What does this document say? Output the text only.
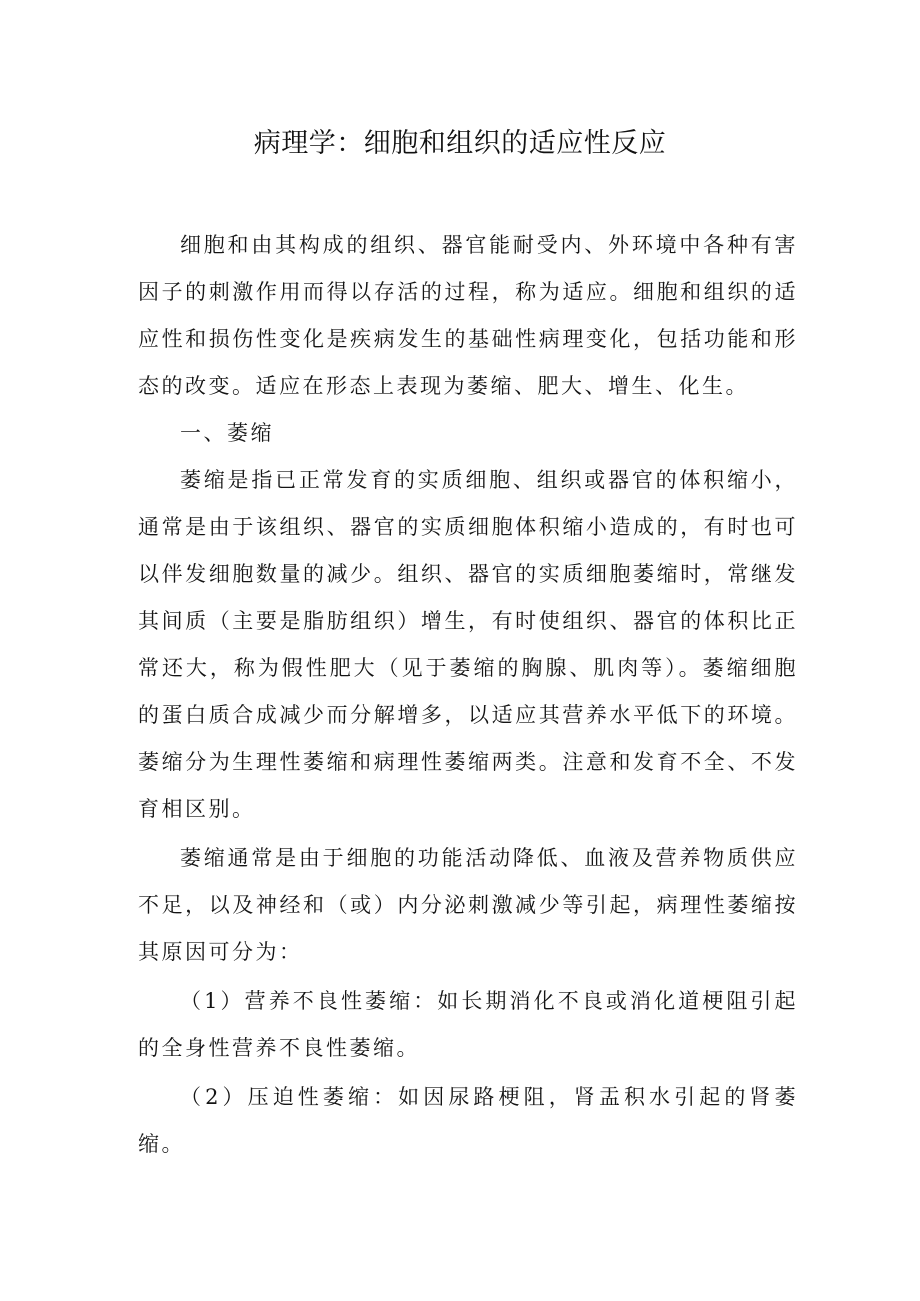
病理学：细胞和组织的适应性反应

细胞和由其构成的组织、器官能耐受内、外环境中各种有害因子的刺激作用而得以存活的过程，称为适应。细胞和组织的适应性和损伤性变化是疾病发生的基础性病理变化，包括功能和形态的改变。适应在形态上表现为萎缩、肥大、增生、化生。

一、萎缩

萎缩是指已正常发育的实质细胞、组织或器官的体积缩小，通常是由于该组织、器官的实质细胞体积缩小造成的，有时也可以伴发细胞数量的减少。组织、器官的实质细胞萎缩时，常继发其间质（主要是脂肪组织）增生，有时使组织、器官的体积比正常还大，称为假性肥大（见于萎缩的胸腺、肌肉等）。萎缩细胞的蛋白质合成减少而分解增多，以适应其营养水平低下的环境。萎缩分为生理性萎缩和病理性萎缩两类。注意和发育不全、不发育相区别。

萎缩通常是由于细胞的功能活动降低、血液及营养物质供应不足，以及神经和（或）内分泌刺激减少等引起，病理性萎缩按其原因可分为：

（1）营养不良性萎缩：如长期消化不良或消化道梗阻引起的全身性营养不良性萎缩。

（2）压迫性萎缩：如因尿路梗阻，肾盂积水引起的肾萎缩。
